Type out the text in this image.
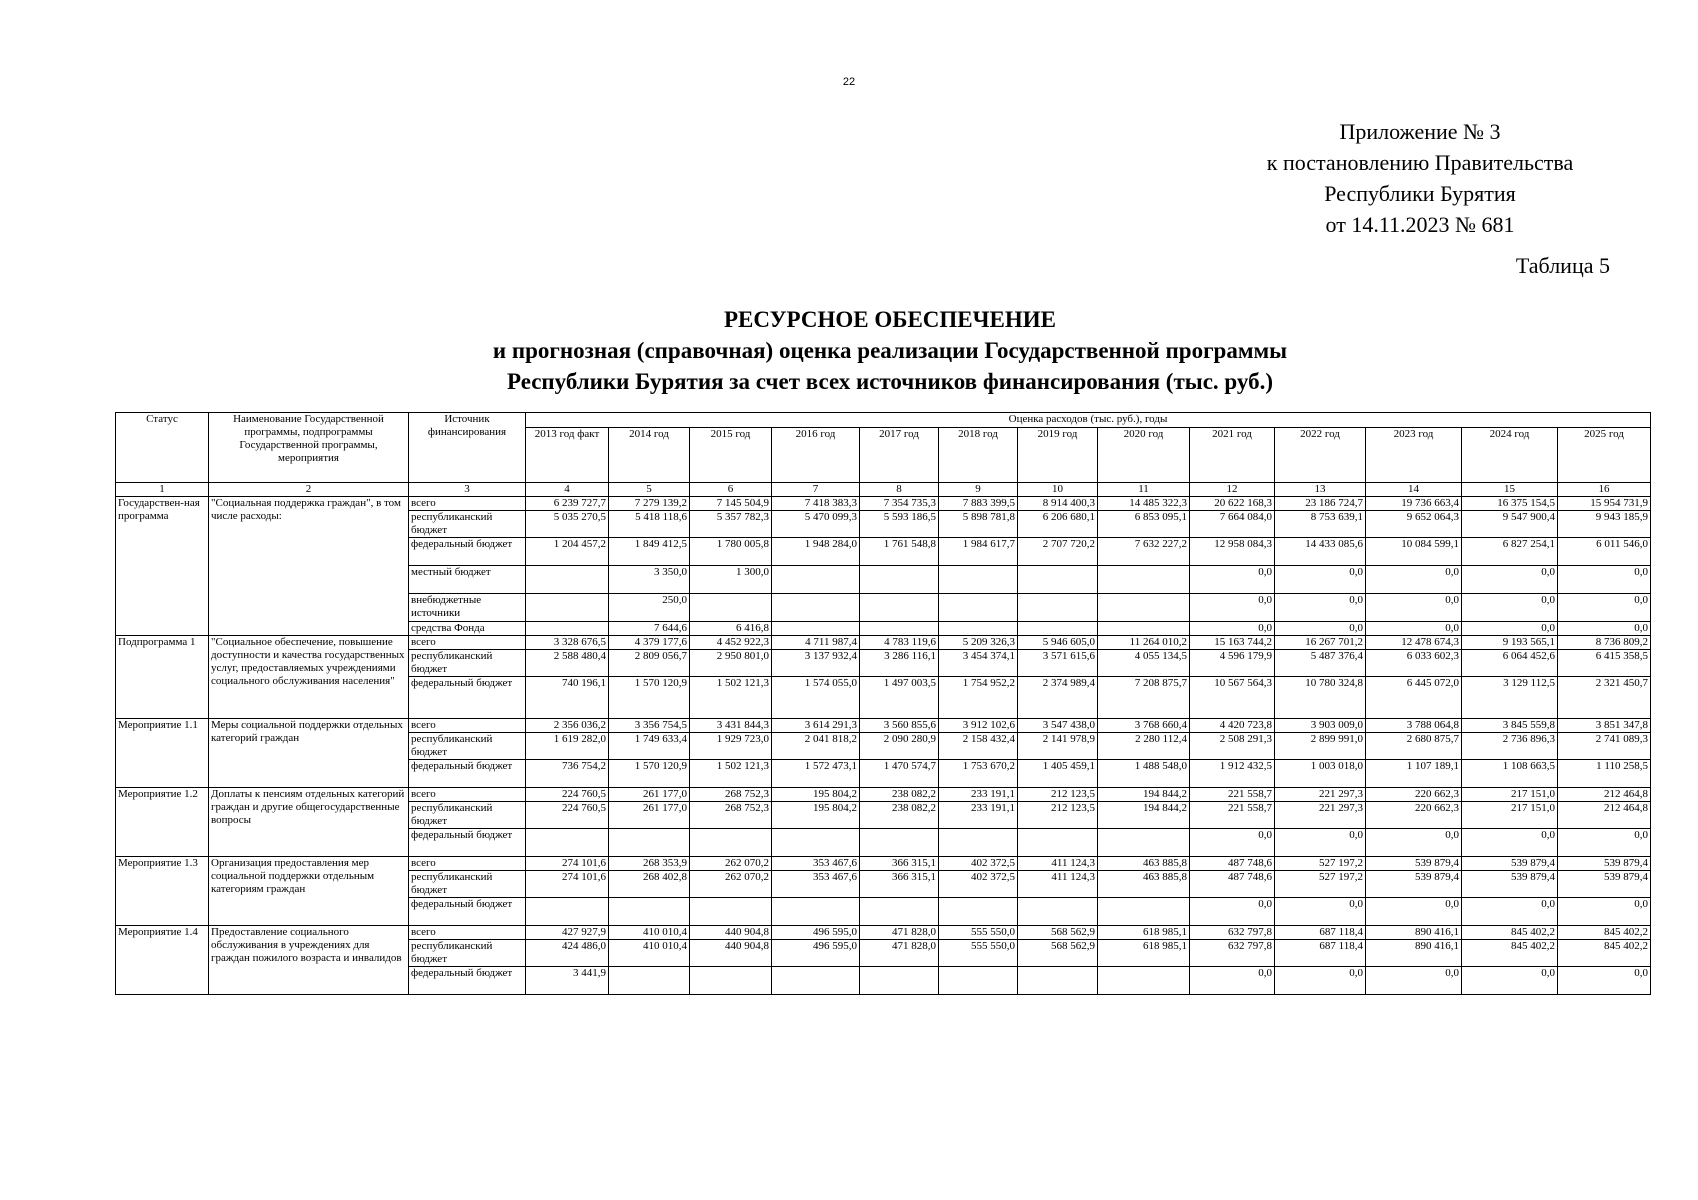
22
Приложение № 3
к постановлению Правительства
Республики Бурятия
от 14.11.2023 № 681
Таблица 5
РЕСУРСНОЕ ОБЕСПЕЧЕНИЕ
и прогнозная (справочная) оценка реализации Государственной программы
Республики Бурятия за счет всех источников финансирования (тыс. руб.)
Статус	Наименование Государственной программы, подпрограммы Государственной программы, мероприятия	Источник финансирования	Оценка расходов (тыс. руб.), годы												
			2013 год факт	2014 год	2015 год	2016 год	2017 год	2018 год	2019 год	2020 год	2021 год	2022 год	2023 год	2024 год	2025 год
1	2	3	4	5	6	7	8	9	10	11	12	13	14	15	16
Государствен-ная программа	"Социальная поддержка граждан", в том числе расходы:	всего	6 239 727,7	7 279 139,2	7 145 504,9	7 418 383,3	7 354 735,3	7 883 399,5	8 914 400,3	14 485 322,3	20 622 168,3	23 186 724,7	19 736 663,4	16 375 154,5	15 954 731,9
		республиканский бюджет	5 035 270,5	5 418 118,6	5 357 782,3	5 470 099,3	5 593 186,5	5 898 781,8	6 206 680,1	6 853 095,1	7 664 084,0	8 753 639,1	9 652 064,3	9 547 900,4	9 943 185,9
		федеральный бюджет	1 204 457,2	1 849 412,5	1 780 005,8	1 948 284,0	1 761 548,8	1 984 617,7	2 707 720,2	7 632 227,2	12 958 084,3	14 433 085,6	10 084 599,1	6 827 254,1	6 011 546,0
		местный бюджет		3 350,0	1 300,0						0,0	0,0	0,0	0,0	0,0
		внебюджетные источники		250,0							0,0	0,0	0,0	0,0	0,0
		средства Фонда		7 644,6	6 416,8						0,0	0,0	0,0	0,0	0,0
Подпрограмма 1	"Социальное обеспечение, повышение доступности и качества государственных услуг, предоставляемых учреждениями социального обслуживания населения"	всего	3 328 676,5	4 379 177,6	4 452 922,3	4 711 987,4	4 783 119,6	5 209 326,3	5 946 605,0	11 264 010,2	15 163 744,2	16 267 701,2	12 478 674,3	9 193 565,1	8 736 809,2
		республиканский бюджет	2 588 480,4	2 809 056,7	2 950 801,0	3 137 932,4	3 286 116,1	3 454 374,1	3 571 615,6	4 055 134,5	4 596 179,9	5 487 376,4	6 033 602,3	6 064 452,6	6 415 358,5
		федеральный бюджет	740 196,1	1 570 120,9	1 502 121,3	1 574 055,0	1 497 003,5	1 754 952,2	2 374 989,4	7 208 875,7	10 567 564,3	10 780 324,8	6 445 072,0	3 129 112,5	2 321 450,7
Мероприятие 1.1	Меры социальной поддержки отдельных категорий граждан	всего	2 356 036,2	3 356 754,5	3 431 844,3	3 614 291,3	3 560 855,6	3 912 102,6	3 547 438,0	3 768 660,4	4 420 723,8	3 903 009,0	3 788 064,8	3 845 559,8	3 851 347,8
		республиканский бюджет	1 619 282,0	1 749 633,4	1 929 723,0	2 041 818,2	2 090 280,9	2 158 432,4	2 141 978,9	2 280 112,4	2 508 291,3	2 899 991,0	2 680 875,7	2 736 896,3	2 741 089,3
		федеральный бюджет	736 754,2	1 570 120,9	1 502 121,3	1 572 473,1	1 470 574,7	1 753 670,2	1 405 459,1	1 488 548,0	1 912 432,5	1 003 018,0	1 107 189,1	1 108 663,5	1 110 258,5
Мероприятие 1.2	Доплаты к пенсиям отдельных категорий граждан и другие общегосударственные вопросы	всего	224 760,5	261 177,0	268 752,3	195 804,2	238 082,2	233 191,1	212 123,5	194 844,2	221 558,7	221 297,3	220 662,3	217 151,0	212 464,8
		республиканский бюджет	224 760,5	261 177,0	268 752,3	195 804,2	238 082,2	233 191,1	212 123,5	194 844,2	221 558,7	221 297,3	220 662,3	217 151,0	212 464,8
		федеральный бюджет									0,0	0,0	0,0	0,0	0,0
Мероприятие 1.3	Организация предоставления мер социальной поддержки отдельным категориям граждан	всего	274 101,6	268 353,9	262 070,2	353 467,6	366 315,1	402 372,5	411 124,3	463 885,8	487 748,6	527 197,2	539 879,4	539 879,4	539 879,4
		республиканский бюджет	274 101,6	268 402,8	262 070,2	353 467,6	366 315,1	402 372,5	411 124,3	463 885,8	487 748,6	527 197,2	539 879,4	539 879,4	539 879,4
		федеральный бюджет									0,0	0,0	0,0	0,0	0,0
Мероприятие 1.4	Предоставление социального обслуживания в учреждениях для граждан пожилого возраста и инвалидов	всего	427 927,9	410 010,4	440 904,8	496 595,0	471 828,0	555 550,0	568 562,9	618 985,1	632 797,8	687 118,4	890 416,1	845 402,2	845 402,2
		республиканский бюджет	424 486,0	410 010,4	440 904,8	496 595,0	471 828,0	555 550,0	568 562,9	618 985,1	632 797,8	687 118,4	890 416,1	845 402,2	845 402,2
		федеральный бюджет	3 441,9								0,0	0,0	0,0	0,0	0,0
